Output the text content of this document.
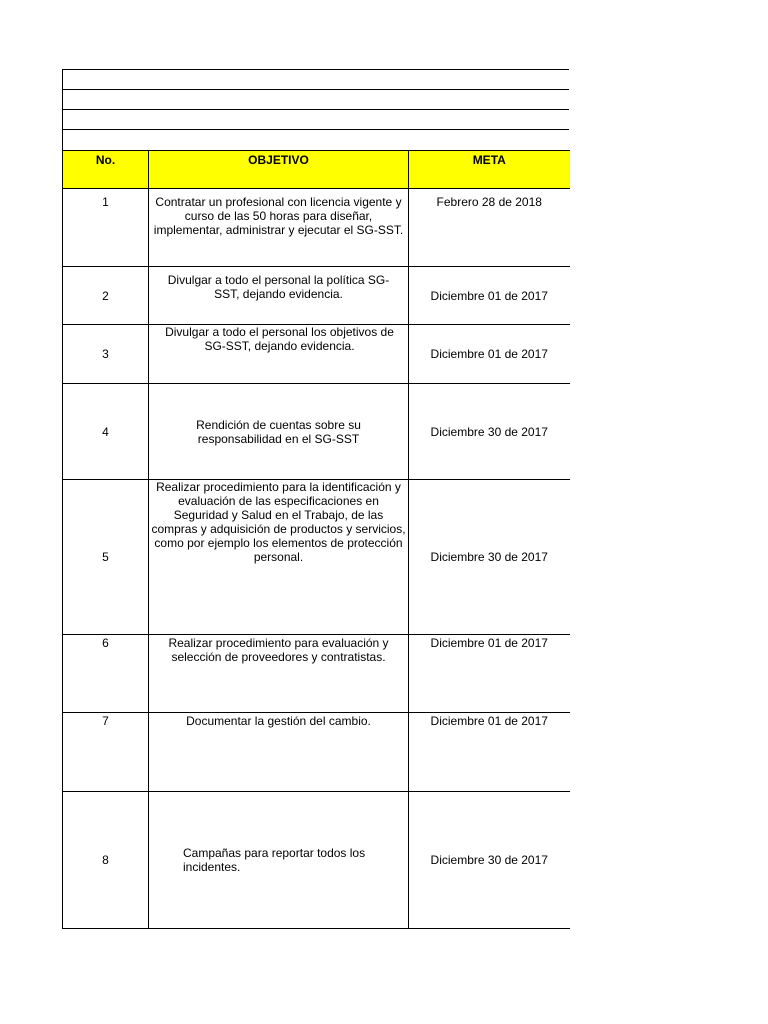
No.	OBJETIVO	META
1	Contratar un profesional con licencia vigente y curso de las 50 horas para diseñar, implementar, administrar y ejecutar el SG-SST.	Febrero 28 de 2018
2	Divulgar a todo el personal la política SG-SST, dejando evidencia.	Diciembre 01 de 2017
3	Divulgar a todo el personal los objetivos de SG-SST, dejando evidencia.	Diciembre 01 de 2017
4	Rendición de cuentas sobre su responsabilidad en el SG-SST	Diciembre 30 de 2017
5	Realizar procedimiento para la identificación y evaluación de las especificaciones en Seguridad y Salud en el Trabajo, de las compras y adquisición de productos y servicios, como por ejemplo los elementos de protección personal.	Diciembre 30 de 2017
6	Realizar procedimiento para evaluación y selección de proveedores y contratistas.	Diciembre 01 de 2017
7	Documentar la gestión del cambio.	Diciembre 01 de 2017
8	Campañas para reportar todos los incidentes.	Diciembre 30 de 2017
